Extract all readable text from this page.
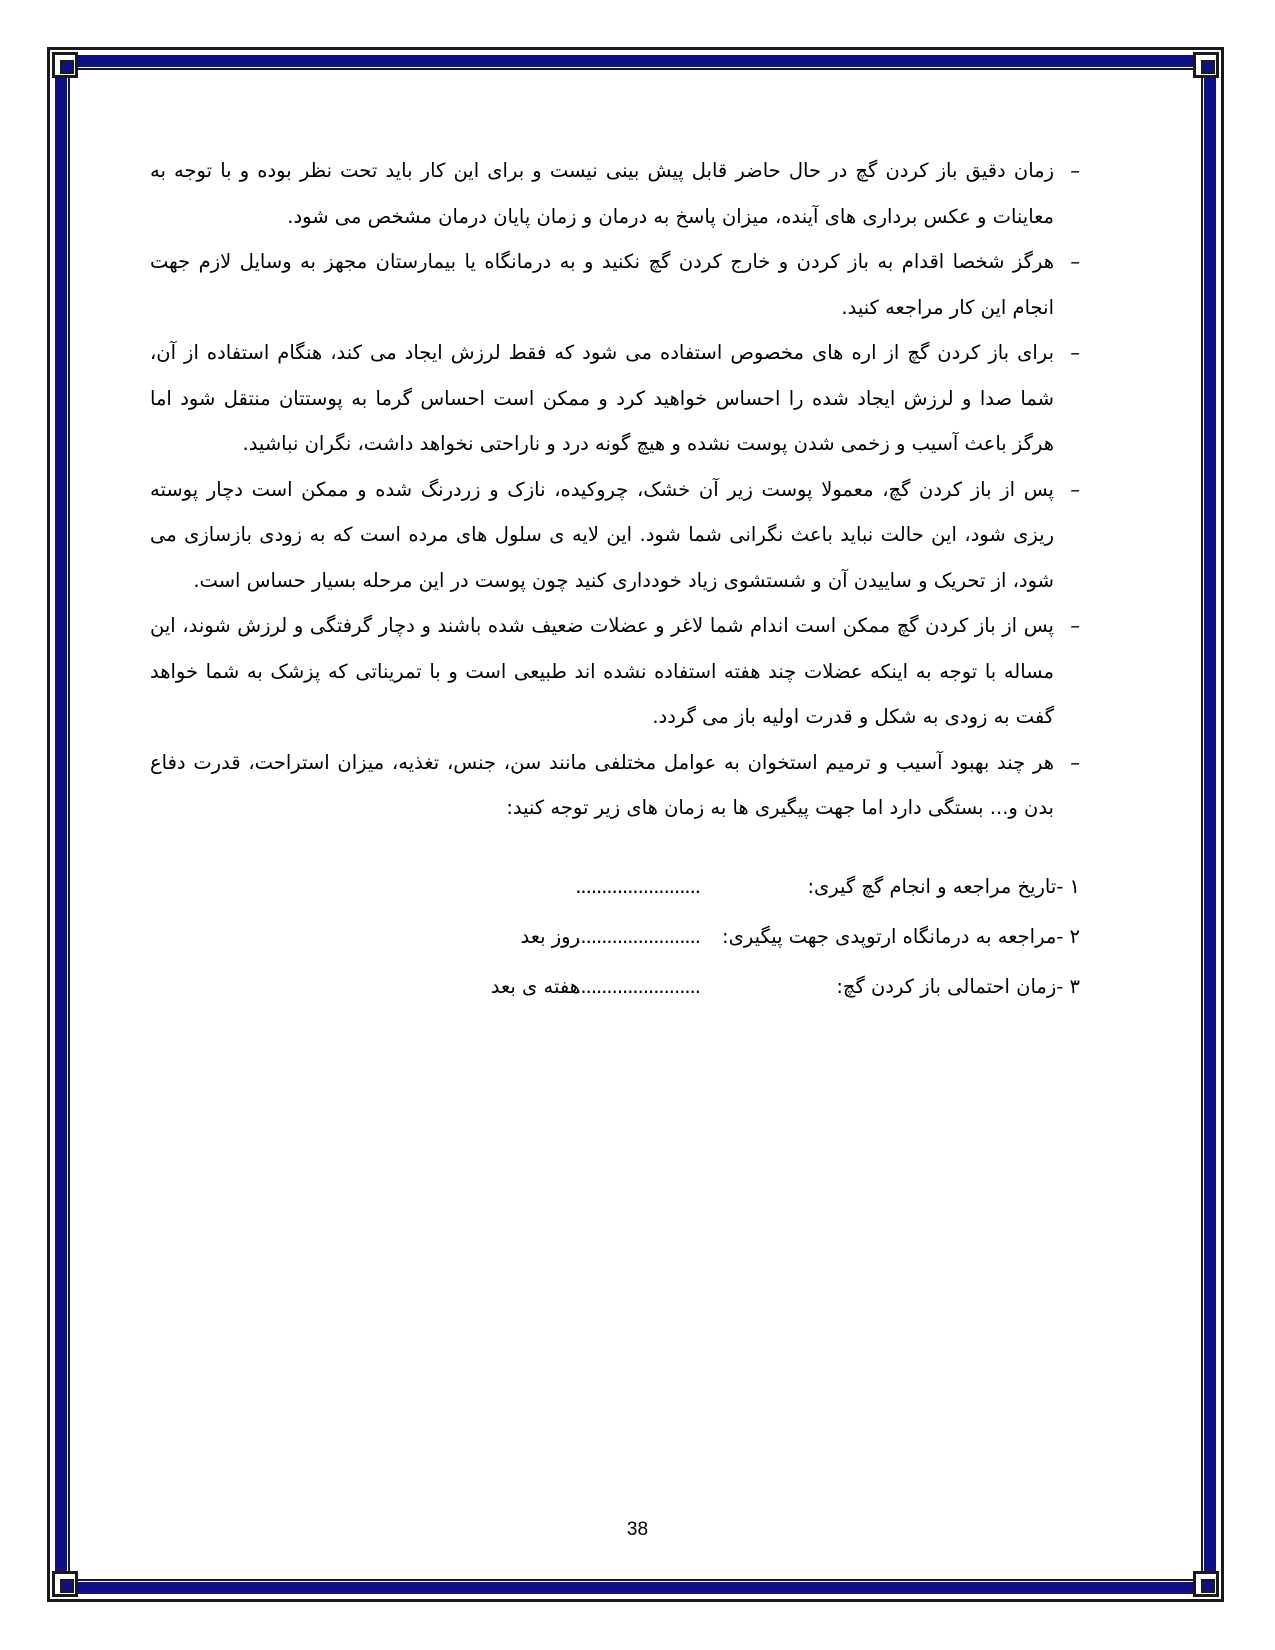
–
زمان دقیق باز کردن گچ در حال حاضر قابل پیش بینی نیست و برای این کار باید تحت نظر بوده و با توجه به معاینات و عکس برداری های آینده، میزان پاسخ به درمان و زمان پایان درمان مشخص می شود.
–
هرگز شخصا اقدام به باز کردن و خارج کردن گچ نکنید و به درمانگاه یا بیمارستان مجهز به وسایل لازم جهت انجام این کار مراجعه کنید.
–
برای باز کردن گچ از اره های مخصوص استفاده می شود که فقط لرزش ایجاد می کند، هنگام استفاده از آن، شما صدا و لرزش ایجاد شده را احساس خواهید کرد و ممکن است احساس گرما به پوستتان منتقل شود اما هرگز باعث آسیب و زخمی شدن پوست نشده و هیچ گونه درد و ناراحتی نخواهد داشت، نگران نباشید.
–
پس از باز کردن گچ، معمولا پوست زیر آن خشک، چروکیده، نازک و زردرنگ شده و ممکن است دچار پوسته ریزی شود، این حالت نباید باعث نگرانی شما شود. این لایه ی سلول های مرده است که به زودی بازسازی می شود، از تحریک و ساییدن آن و شستشوی زیاد خودداری کنید چون پوست در این مرحله بسیار حساس است.
–
پس از باز کردن گچ ممکن است اندام شما لاغر و عضلات ضعیف شده باشند و دچار گرفتگی و لرزش شوند، این مساله با توجه به اینکه عضلات چند هفته استفاده نشده اند طبیعی است و با تمریناتی که پزشک به شما خواهد گفت به زودی به شکل و قدرت اولیه باز می گردد.
–
هر چند بهبود آسیب و ترمیم استخوان به عوامل مختلفی مانند سن، جنس، تغذیه، میزان استراحت، قدرت دفاع بدن و... بستگی دارد اما جهت پیگیری ها به زمان های زیر توجه کنید:
۱ -تاریخ مراجعه و انجام گچ گیری:
........................
۲ -مراجعه به درمانگاه ارتوپدی جهت پیگیری:
........................
روز بعد
۳ -زمان احتمالی باز کردن گچ:
........................
هفته ی بعد
38
